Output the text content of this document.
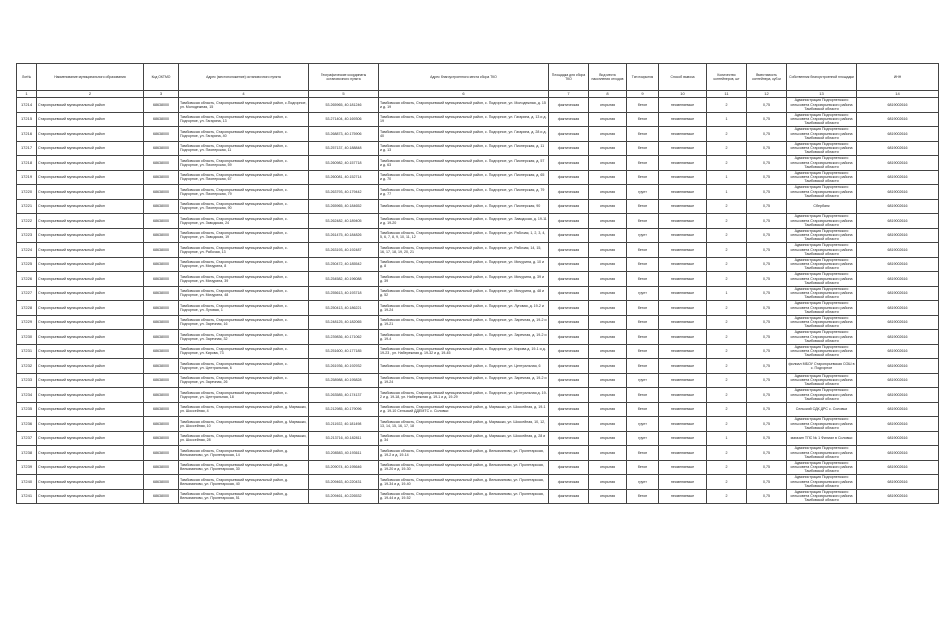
Лот№	Наименование муниципального образования	Код ОКТМО	Адрес (местоположение) остановочного пункта	Географические координаты остановочного пункта	Адрес благоустроенного места сбора ТКО	Площадка для сбора ТКО	Вид места накопления отходов	Тип покрытия	Способ вывоза	Количество контейнеров, шт	Вместимость контейнера, куб.м	Собственник благоустроенной площадки	ИНН
1	2	3	4	5	6	7	8	9	10	11	12	13	14
17214	Староюрьевский муниципальный район	68638000	Тамбовская область, Староюрьевский муниципальный район, с.Подгорное, ул. Молодежная, 15	53.265965, 40.181246	Тамбовская область, Староюрьевский муниципальный район, с. Подгорное, ул. Молодежная, д. 15 и д. 19	фактическая	открытая	бетон	несменяемые	2	0,75	Администрация Подгорненского сельсовета Староюрьевского района Тамбовской области	6819002616
17215	Староюрьевский муниципальный район	68638000	Тамбовская область, Староюрьевский муниципальный район, с. Подгорное, ул. Гагарина, 13	53.271404, 40.169306	Тамбовская область, Староюрьевский муниципальный район, с. Подгорное, ул. Гагарина, д. 13 и д. 19	фактическая	открытая	бетон	несменяемые	1	0,75	Администрация Подгорненского сельсовета Староюрьевского района Тамбовской области	6819002616
17216	Староюрьевский муниципальный район	68638000	Тамбовская область, Староюрьевский муниципальный район, с. Подгорное, ул. Гагарина, 40	53.268873, 40.175906	Тамбовская область, Староюрьевский муниципальный район, с. Подгорное, ул. Гагарина, д. 28 и д. 40	фактическая	открытая	бетон	несменяемые	2	0,75	Администрация Подгорненского сельсовета Староюрьевского района Тамбовской области	6819002616
17217	Староюрьевский муниципальный район	68638000	Тамбовская область, Староюрьевский муниципальный район, с. Подгорное, ул. Пионерская, 11	53.257137, 40.188848	Тамбовская область, Староюрьевский муниципальный район, с. Подгорное, ул. Пионерская, д. 11 и д. 13	фактическая	открытая	бетон	несменяемые	2	0,75	Администрация Подгорненского сельсовета Староюрьевского района Тамбовской области	6819002616
17218	Староюрьевский муниципальный район	68638000	Тамбовская область, Староюрьевский муниципальный район, с. Подгорное, ул. Пионерская, 59	53.260982, 40.157718	Тамбовская область, Староюрьевский муниципальный район, с. Подгорное, ул. Пионерская, д. 57 и д. 63	фактическая	открытая	бетон	несменяемые	2	0,75	Администрация Подгорненского сельсовета Староюрьевского района Тамбовской области	6819002616
17219	Староюрьевский муниципальный район	68638000	Тамбовская область, Староюрьевский муниципальный район, с. Подгорное, ул. Пионерская, 67	53.260081, 40.152714	Тамбовская область, Староюрьевский муниципальный район, с. Подгорное, ул. Пионерская, д. 65 и д. 70	фактическая	открытая	бетон	несменяемые	1	0,75	Администрация Подгорненского сельсовета Староюрьевского района Тамбовской области	6819002616
17220	Староюрьевский муниципальный район	68638000	Тамбовская область, Староюрьевский муниципальный район, с. Подгорное, ул. Пионерская, 79	53.263793, 40.179442	Тамбовская область, Староюрьевский муниципальный район, с. Подгорное, ул. Пионерская, д. 79 и д. 77	фактическая	открытая	грунт	несменяемые	1	0,75	Администрация Подгорненского сельсовета Староюрьевского района Тамбовской области	6819002616
17221	Староюрьевский муниципальный район	68638000	Тамбовская область, Староюрьевский муниципальный район, с. Подгорное, ул. Пионерская, 90	53.265965, 40.184652	Тамбовская область, Староюрьевский муниципальный район, с. Подгорное, ул. Пионерская, 90	фактическая	открытая	бетон	несменяемые	2	0,75	Сбербанк	6819002616
17222	Староюрьевский муниципальный район	68638000	Тамбовская область, Староюрьевский муниципальный район, с. Подгорное, ул. Заводская, 24	53.262482, 40.189405	Тамбовская область, Староюрьевский муниципальный район, с. Подгорное, ул. Заводская, д. 19-11 и д. 19-20	фактическая	открытая	бетон	несменяемые	2	0,75	Администрация Подгорненского сельсовета Староюрьевского района Тамбовской области	6819002616
17223	Староюрьевский муниципальный район	68638000	Тамбовская область, Староюрьевский муниципальный район, с. Подгорное, ул. Заводская, 19	53.261475, 40.184826	Тамбовская область, Староюрьевский муниципальный район, с. Подгорное, ул. Рабочая, 1, 2, 3, 4, 5, 6, 7, 8, 9, 10, 11, 12	фактическая	открытая	грунт	несменяемые	2	0,75	Администрация Подгорненского сельсовета Староюрьевского района Тамбовской области	6819002616
17224	Староюрьевский муниципальный район	68638000	Тамбовская область, Староюрьевский муниципальный район, с. Подгорное, ул. Рабочая, 13	53.263193, 40.192487	Тамбовская область, Староюрьевский муниципальный район, с. Подгорное, ул. Рабочая, 14, 15, 16, 17, 18, 19, 20, 21	фактическая	открытая	бетон	несменяемые	2	0,75	Администрация Подгорненского сельсовета Староюрьевского района Тамбовской области	6819002616
17225	Староюрьевский муниципальный район	68638000	Тамбовская область, Староюрьевский муниципальный район, с. Подгорное, ул. Мичурина, 8	53.250472, 40.185542	Тамбовская область, Староюрьевский муниципальный район, с. Подгорное, ул. Мичурина, д. 10 и д. 8	фактическая	открытая	бетон	несменяемые	2	0,75	Администрация Подгорненского сельсовета Староюрьевского района Тамбовской области	6819002616
17226	Староюрьевский муниципальный район	68638000	Тамбовская область, Староюрьевский муниципальный район, с. Подгорное, ул. Мичурина, 39	53.254582, 40.196088	Тамбовская область, Староюрьевский муниципальный район, с. Подгорное, ул. Мичурина, д. 39 и д. 39	фактическая	открытая	бетон	несменяемые	2	0,75	Администрация Подгорненского сельсовета Староюрьевского района Тамбовской области	6819002616
17227	Староюрьевский муниципальный район	68638000	Тамбовская область, Староюрьевский муниципальный район, с. Подгорное, ул. Мичурина, 48	53.255613, 40.193718	Тамбовская область, Староюрьевский муниципальный район, с. Подгорное, ул. Мичурина, д. 48 и д. 52	фактическая	открытая	грунт	несменяемые	1	0,75	Администрация Подгорненского сельсовета Староюрьевского района Тамбовской области	6819002616
17228	Староюрьевский муниципальный район	68638000	Тамбовская область, Староюрьевский муниципальный район, с. Подгорное, ул. Луговая, 1	53.250413, 40.186221	Тамбовская область, Староюрьевский муниципальный район, с. Подгорное, ул. Луговая, д. 19-2 и д. 19-24	фактическая	открытая	бетон	несменяемые	2	0,75	Администрация Подгорненского сельсовета Староюрьевского района Тамбовской области	6819002616
17229	Староюрьевский муниципальный район	68638000	Тамбовская область, Староюрьевский муниципальный район, с. Подгорное, ул. Заречная, 16	53.248125, 40.182065	Тамбовская область, Староюрьевский муниципальный район, с. Подгорное, ул. Заречная, д. 19-2 и д. 19-21	фактическая	открытая	бетон	несменяемые	2	0,75	Администрация Подгорненского сельсовета Староюрьевского района Тамбовской области	6819002616
17230	Староюрьевский муниципальный район	68638000	Тамбовская область, Староюрьевский муниципальный район, с. Подгорное, ул. Заречная, 32	53.239836, 40.171062	Тамбовская область, Староюрьевский муниципальный район, с. Подгорное, ул. Заречная, д. 19-2 и д. 19-4	фактическая	открытая	бетон	несменяемые	2	0,75	Администрация Подгорненского сельсовета Староюрьевского района Тамбовской области	6819002616
17231	Староюрьевский муниципальный район	68638000	Тамбовская область, Староюрьевский муниципальный район, с. Подгорное, ул. Кирова, 73	53.251600, 40.177185	Тамбовская область, Староюрьевский муниципальный район, с. Подгорное, ул. Кирова д. 19-1 и д. 19-23 , ул. Набережная д. 19-32 и д. 19-45	фактическая	открытая	бетон	несменяемые	2	0,75	Администрация Подгорненского сельсовета Староюрьевского района Тамбовской области	6819002616
17232	Староюрьевский муниципальный район	68638000	Тамбовская область, Староюрьевский муниципальный район, с. Подгорное, ул. Центральная, 6	53.261936, 40.192932	Тамбовская область, Староюрьевский муниципальный район, с. Подгорное, ул. Центральная, 6	фактическая	открытая	бетон	несменяемые	2	0,75	филиал МБОУ Староюрьевская СОШ в с. Подгорное	6819002616
17233	Староюрьевский муниципальный район	68638000	Тамбовская область, Староюрьевский муниципальный район, с. Подгорное, ул. Заречная, 26	53.258988, 40.195828	Тамбовская область, Староюрьевский муниципальный район, с. Подгорное, ул. Заречная, д. 19-2 и д. 19-24	фактическая	открытая	грунт	несменяемые	2	0,75	Администрация Подгорненского сельсовета Староюрьевского района Тамбовской области	6819002616
17234	Староюрьевский муниципальный район	68638000	Тамбовская область, Староюрьевский муниципальный район, с. Подгорное, ул. Центральная, 18	53.263585, 40.174137	Тамбовская область, Староюрьевский муниципальный район, с. Подгорное, ул. Центральная д. 19-2 и д. 19-18, ул. Набережная д. 19-1 и д. 19-29	фактическая	открытая	бетон	несменяемые	2	0,75	Администрация Подгорненского сельсовета Староюрьевского района Тамбовской области	6819002616
17235	Староюрьевский муниципальный район	68638000	Тамбовская область, Староюрьевский муниципальный район, д. Мармыжи, ул. Шоссейная, 4	53.212985, 40.179096	Тамбовская область, Староюрьевский муниципальный район, д. Мармыжи, ул. Шоссейная, д. 19-1 и д. 19-10 Сельский ДДЕМТС с. Соловьи	фактическая	открытая	бетон	несменяемые	2	0,75	Сельский СДК ДРС с. Соловьи	6819002616
17236	Староюрьевский муниципальный район	68638000	Тамбовская область, Староюрьевский муниципальный район, д. Мармыжи, ул. Шоссейная, 10	53.211922, 40.181498	Тамбовская область, Староюрьевский муниципальный район, д. Мармыжи, ул. Шоссейная, 10, 12, 13, 14, 15, 16, 17, 18	фактическая	открытая	грунт	несменяемые	2	0,75	Администрация Подгорненского сельсовета Староюрьевского района Тамбовской области	6819002616
17237	Староюрьевский муниципальный район	68638000	Тамбовская область, Староюрьевский муниципальный район, д. Мармыжи, ул. Шоссейная, 28	53.213716, 40.182811	Тамбовская область, Староюрьевский муниципальный район, д. Мармыжи, ул. Шоссейная, д. 28 и д. 34	фактическая	открытая	грунт	несменяемые	1	0,75	магазин ТПС № 1 Филиал в Соловьи	6819002616
17238	Староюрьевский муниципальный район	68638000	Тамбовская область, Староюрьевский муниципальный район, д. Вельяминово, ул. Пролетарская, 14	53.208583, 40.193611	Тамбовская область, Староюрьевский муниципальный район, д. Вельяминово, ул. Пролетарская, д. 19-2 и д. 19-14	фактическая	открытая	бетон	несменяемые	2	0,75	Администрация Подгорненского сельсовета Староюрьевского района Тамбовской области	6819002616
17239	Староюрьевский муниципальный район	68638000	Тамбовская область, Староюрьевский муниципальный район, д. Вельяминово, ул. Пролетарская, 30	53.209074, 40.195646	Тамбовская область, Староюрьевский муниципальный район, д. Вельяминово, ул. Пролетарская, д. 19-20 и д. 19-30	фактическая	открытая	бетон	несменяемые	2	0,75	Администрация Подгорненского сельсовета Староюрьевского района Тамбовской области	6819002616
17240	Староюрьевский муниципальный район	68638000	Тамбовская область, Староюрьевский муниципальный район, д. Вельяминово, ул. Пролетарская, 40	53.209463, 40.220431	Тамбовская область, Староюрьевский муниципальный район, д. Вельяминово, ул. Пролетарская, д. 19-34 и д. 19-40	фактическая	открытая	грунт	несменяемые	2	0,75	Администрация Подгорненского сельсовета Староюрьевского района Тамбовской области	6819002616
17241	Староюрьевский муниципальный район	68638000	Тамбовская область, Староюрьевский муниципальный район, д. Вельяминово, ул. Пролетарская, 51	53.209461, 40.226532	Тамбовская область, Староюрьевский муниципальный район, д. Вельяминово, ул. Пролетарская, д. 19-44 и д. 19-52	фактическая	открытая	бетон	несменяемые	2	0,75	Администрация Подгорненского сельсовета Староюрьевского района Тамбовской области	6819002616
